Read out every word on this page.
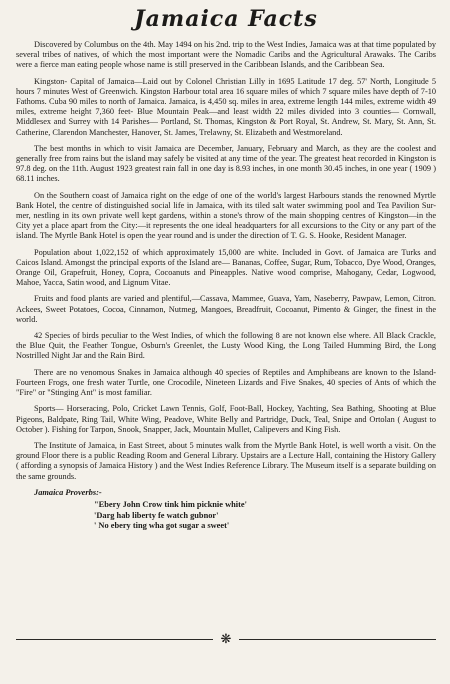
Jamaica Facts

Discovered by Columbus on the 4th. May 1494 on his 2nd. trip to the West Indies, Jamaica was at that time populated by several tribes of natives, of which the most important were the Nomadic Caribs and the Agricultural Arawaks. The Caribs were a fierce man eating people whose name is still preserved in the Caribbean Islands, and the Caribbean Sea.

Kingston- Capital of Jamaica—Laid out by Colonel Christian Lilly in 1695 Latitude 17 deg. 57' North, Longitude 5 hours 7 minutes West of Greenwich. Kingston Harbour total area 16 square miles of which 7 square miles have depth of 7-10 Fathoms. Cuba 90 miles to north of Jamaica. Jamaica, is 4,450 sq. miles in area, extreme length 144 miles, extreme width 49 miles, extreme height 7,360 feet- Blue Mountain Peak—and least width 22 miles divided into 3 counties— Cornwall, Middlesex and Surrey with 14 Parishes— Portland, St. Thomas, Kingston & Port Royal, St. Andrew, St. Mary, St. Ann, St. Catherine, Clarendon Manchester, Hanover, St. James, Trelawny, St. Elizabeth and Westmoreland.

The best months in which to visit Jamaica are December, January, February and March, as they are the coolest and generally free from rains but the island may safely be visited at any time of the year. The greatest heat recorded in Kingston is 97.8 deg. on the 11th. August 1923 greatest rain fall in one day is 8.93 inches, in one month 30.45 inches, in one year ( 1909 ) 68.11 inches.

On the Southern coast of Jamaica right on the edge of one of the world's largest Harbours stands the renowned Myrtle Bank Hotel, the centre of distinguished social life in Jamaica, with its tiled salt water swimming pool and Tea Pavilion Sur-mer, nestling in its own private well kept gardens, within a stone's throw of the main shopping centres of Kingston—in the City yet a place apart from the City:—it represents the one ideal headquarters for all excursions to the City or any part of the island. The Myrtle Bank Hotel is open the year round and is under the direction of T. G. S. Hooke, Resident Manager.

Population about 1,022,152 of which approximately 15,000 are white. Included in Govt. of Jamaica are Turks and Caicos Island. Amongst the principal exports of the Island are— Bananas, Coffee, Sugar, Rum, Tobacco, Dye Wood, Oranges, Orange Oil, Grapefruit, Honey, Copra, Cocoanuts and Pineapples. Native wood comprise, Mahogany, Cedar, Logwood, Mahoe, Yacca, Satin wood, and Lignum Vitae.

Fruits and food plants are varied and plentiful,—Cassava, Mammee, Guava, Yam, Naseberry, Pawpaw, Lemon, Citron. Ackees, Sweet Potatoes, Cocoa, Cinnamon, Nutmeg, Mangoes, Breadfruit, Cocoanut, Pimento & Ginger, the finest in the world.

42 Species of birds peculiar to the West Indies, of which the following 8 are not known else where. All Black Crackle, the Blue Quit, the Feather Tongue, Osburn's Greenlet, the Lusty Wood King, the Long Tailed Humming Bird, the Long Nostrilled Night Jar and the Rain Bird.

There are no venomous Snakes in Jamaica although 40 species of Reptiles and Amphibeans are known to the Island-Fourteen Frogs, one fresh water Turtle, one Crocodile, Nineteen Lizards and Five Snakes, 40 species of Ants of which the "Fire" or "Stinging Ant" is most familiar.

Sports— Horseracing, Polo, Cricket Lawn Tennis, Golf, Foot-Ball, Hockey, Yachting, Sea Bathing, Shooting at Blue Pigeons, Baldpate, Ring Tail, White Wing, Peadove, White Belly and Partridge, Duck, Teal, Snipe and Ortolan ( August to October ). Fishing for Tarpon, Snook, Snapper, Jack, Mountain Mullet, Calipevers and King Fish.

The Institute of Jamaica, in East Street, about 5 minutes walk from the Myrtle Bank Hotel, is well worth a visit. On the ground Floor there is a public Reading Room and General Library. Upstairs are a Lecture Hall, containing the History Gallery ( affording a synopsis of Jamaica History ) and the West Indies Reference Library. The Museum itself is a separate building on the same grounds.

Jamaica Proverbs:-
"Ebery John Crow tink him picknie white'
'Darg hab liberty fe watch gubnor'
' No ebery ting wha got sugar a sweet'
❋
